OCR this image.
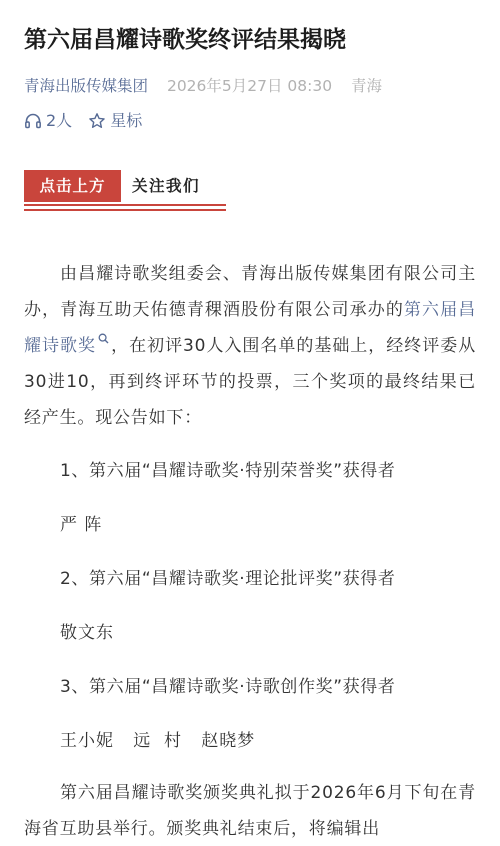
第六届昌耀诗歌奖终评结果揭晓
青海出版传媒集团 2026年5月27日 08:30 青海
2人 星标
点击上方	关注我们

由昌耀诗歌奖组委会、青海出版传媒集团有限公司主办，青海互助天佑德青稞酒股份有限公司承办的第六届昌耀诗歌奖 ，在初评30人入围名单的基础上，经终评委从30进10，再到终评环节的投票，三个奖项的最终结果已经产生。现公告如下：

1、第六届“昌耀诗歌奖·特别荣誉奖”获得者
严 阵
2、第六届“昌耀诗歌奖·理论批评奖”获得者
敬文东
3、第六届“昌耀诗歌奖·诗歌创作奖”获得者
王小妮   远  村   赵晓梦

第六届昌耀诗歌奖颁奖典礼拟于2026年6月下旬在青海省互助县举行。颁奖典礼结束后，将编辑出
